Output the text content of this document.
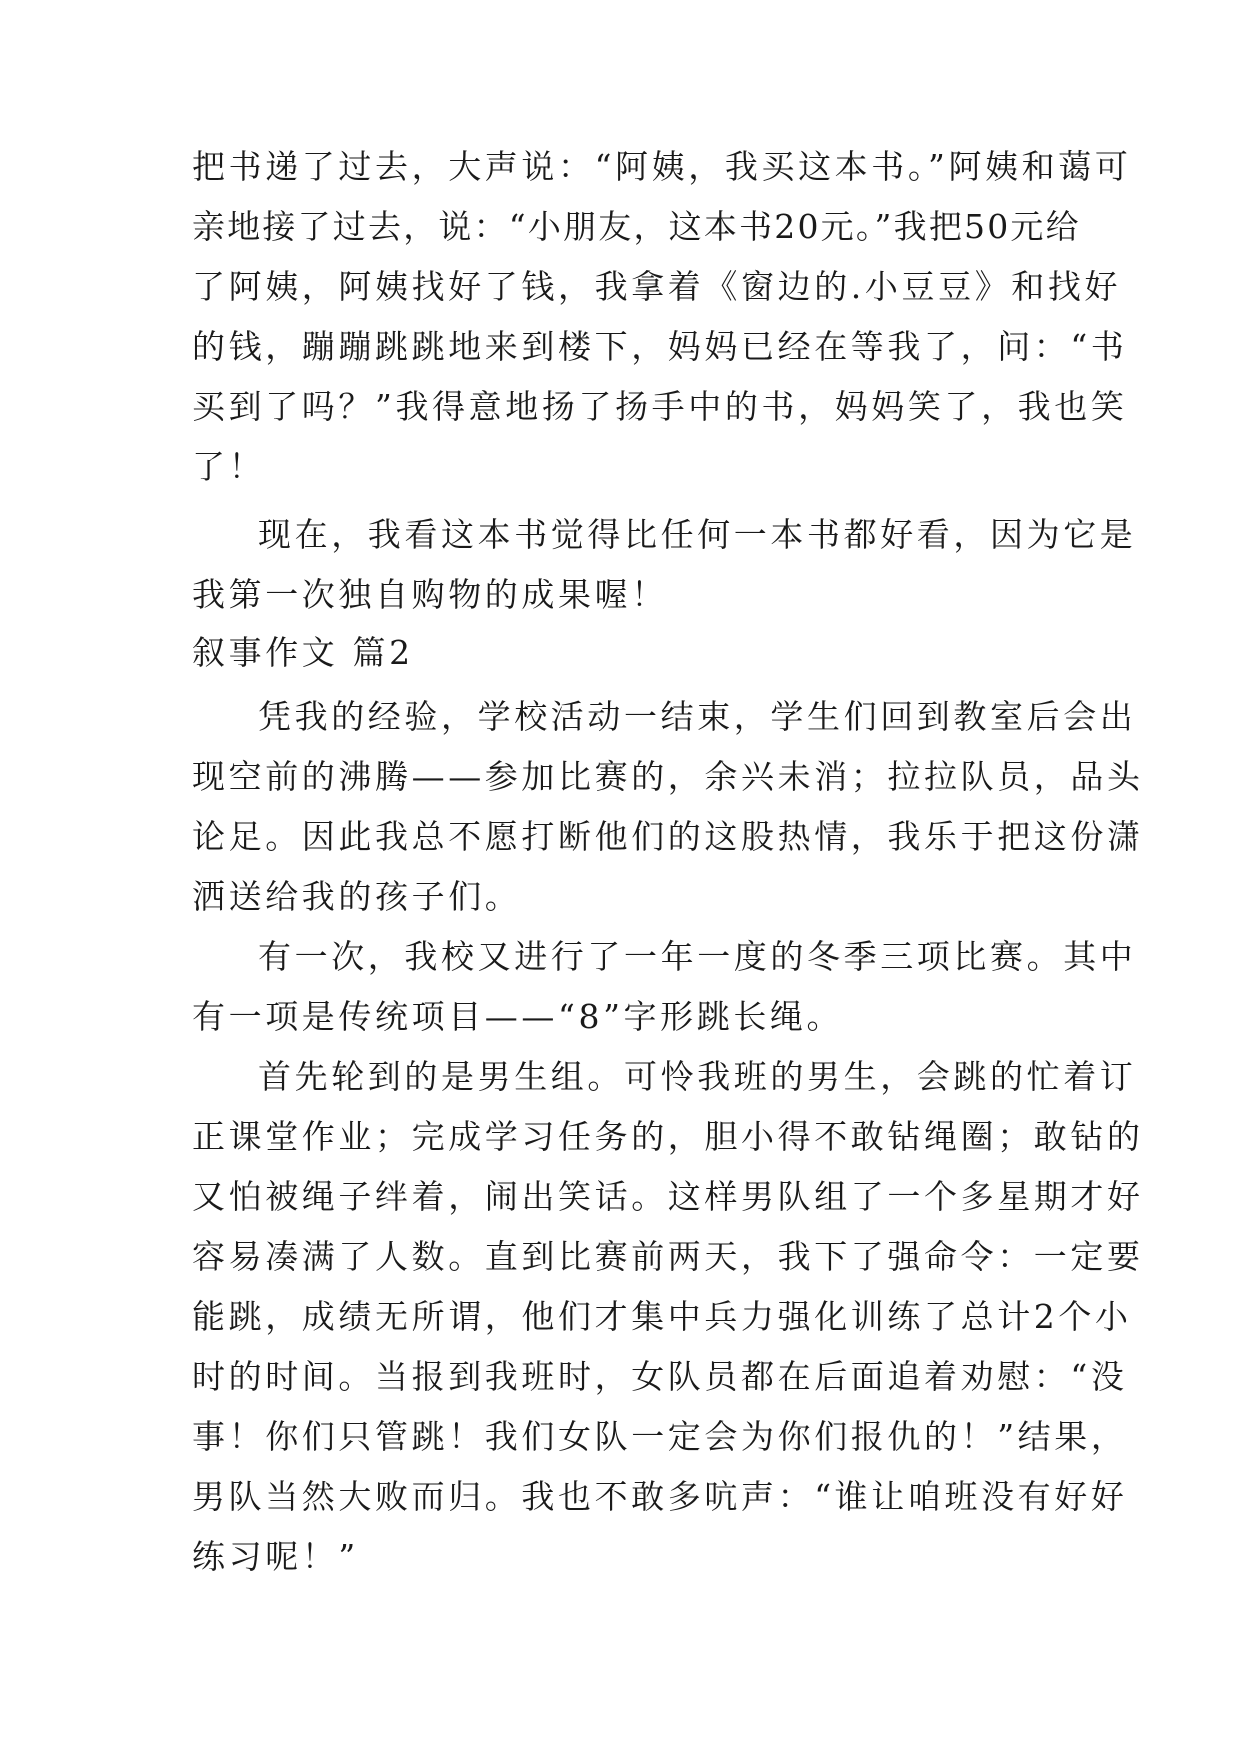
把书递了过去，大声说：“阿姨，我买这本书。”阿姨和蔼可
亲地接了过去，说：“小朋友，这本书20元。”我把50元给
了阿姨，阿姨找好了钱，我拿着《窗边的.小豆豆》和找好
的钱，蹦蹦跳跳地来到楼下，妈妈已经在等我了，问：“书
买到了吗？”我得意地扬了扬手中的书，妈妈笑了，我也笑
了！
现在，我看这本书觉得比任何一本书都好看，因为它是
我第一次独自购物的成果喔！
叙事作文 篇2
凭我的经验，学校活动一结束，学生们回到教室后会出
现空前的沸腾——参加比赛的，余兴未消；拉拉队员，品头
论足。因此我总不愿打断他们的这股热情，我乐于把这份潇
洒送给我的孩子们。
有一次，我校又进行了一年一度的冬季三项比赛。其中
有一项是传统项目——“8”字形跳长绳。
首先轮到的是男生组。可怜我班的男生，会跳的忙着订
正课堂作业；完成学习任务的，胆小得不敢钻绳圈；敢钻的
又怕被绳子绊着，闹出笑话。这样男队组了一个多星期才好
容易凑满了人数。直到比赛前两天，我下了强命令：一定要
能跳，成绩无所谓，他们才集中兵力强化训练了总计2个小
时的时间。当报到我班时，女队员都在后面追着劝慰：“没
事！你们只管跳！我们女队一定会为你们报仇的！”结果，
男队当然大败而归。我也不敢多吭声：“谁让咱班没有好好
练习呢！”
